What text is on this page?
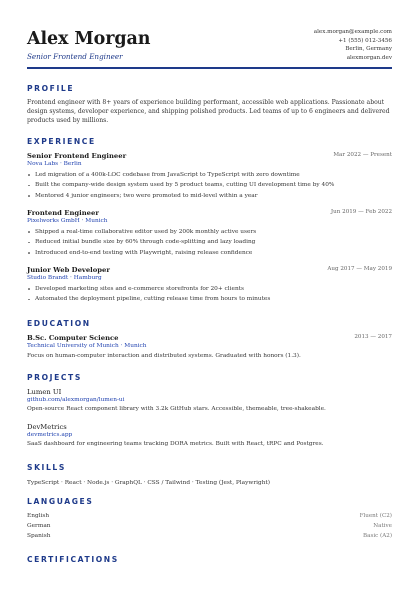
Alex Morgan
Senior Frontend Engineer
alex.morgan@example.com
+1 (555) 012-3456
Berlin, Germany
alexmorgan.dev
PROFILE

Frontend engineer with 8+ years of experience building performant, accessible web applications. Passionate about design systems, developer experience, and shipping polished products. Led teams of up to 6 engineers and delivered products used by millions.

EXPERIENCE
Senior Frontend Engineer	Mar 2022 — Present
Nova Labs · Berlin
Led migration of a 400k-LOC codebase from JavaScript to TypeScript with zero downtime
Built the company-wide design system used by 5 product teams, cutting UI development time by 40%
Mentored 4 junior engineers; two were promoted to mid-level within a year
Frontend Engineer	Jun 2019 — Feb 2022
Pixelworks GmbH · Munich
Shipped a real-time collaborative editor used by 200k monthly active users
Reduced initial bundle size by 60% through code-splitting and lazy loading
Introduced end-to-end testing with Playwright, raising release confidence
Junior Web Developer	Aug 2017 — May 2019
Studio Brandt · Hamburg
Developed marketing sites and e-commerce storefronts for 20+ clients
Automated the deployment pipeline, cutting release time from hours to minutes
EDUCATION
B.Sc. Computer Science	2013 — 2017
Technical University of Munich · Munich
Focus on human-computer interaction and distributed systems. Graduated with honors (1.3).
PROJECTS
Lumen UI
github.com/alexmorgan/lumen-ui
Open-source React component library with 3.2k GitHub stars. Accessible, themeable, tree-shakeable.
DevMetrics
devmetrics.app
SaaS dashboard for engineering teams tracking DORA metrics. Built with React, tRPC and Postgres.
SKILLS
TypeScript · React · Node.js · GraphQL · CSS / Tailwind · Testing (Jest, Playwright)
LANGUAGES
English	Fluent (C2)
German	Native
Spanish	Basic (A2)
CERTIFICATIONS
